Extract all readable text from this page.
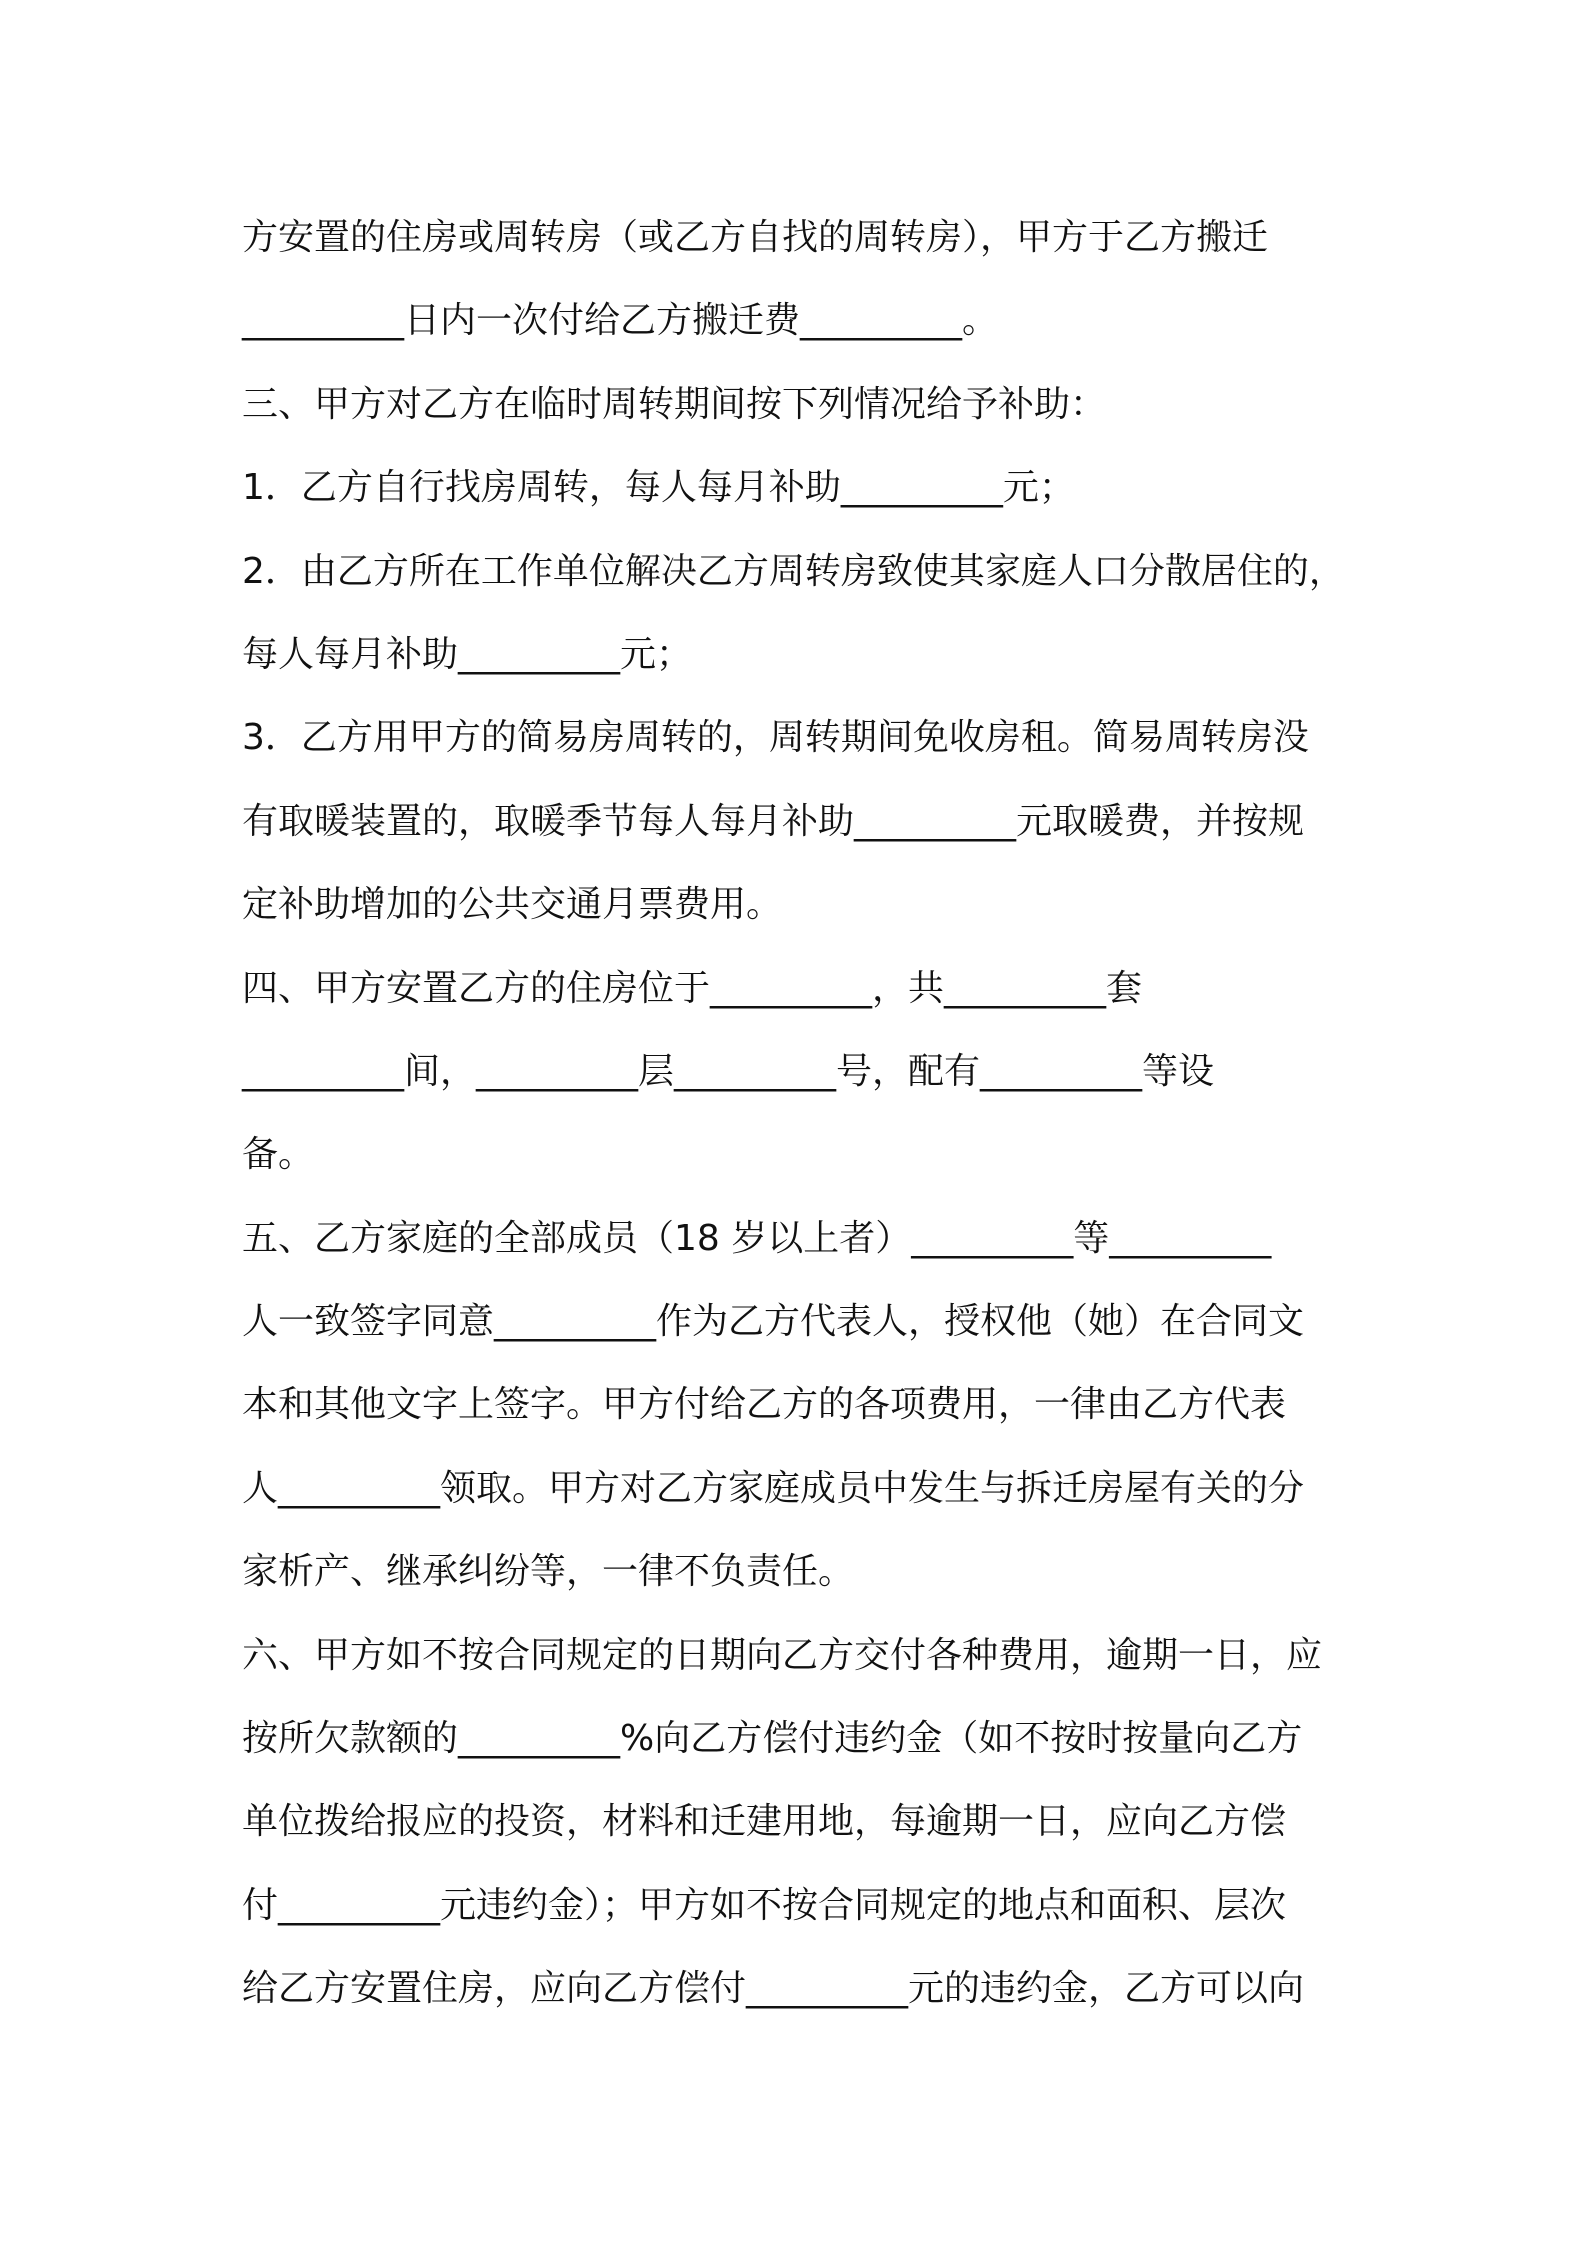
方安置的住房或周转房（或乙方自找的周转房），甲方于乙方搬迁
_________日内一次付给乙方搬迁费_________。
三、甲方对乙方在临时周转期间按下列情况给予补助：
1．乙方自行找房周转，每人每月补助_________元；
2．由乙方所在工作单位解决乙方周转房致使其家庭人口分散居住的，
每人每月补助_________元；
3．乙方用甲方的简易房周转的，周转期间免收房租。简易周转房没
有取暖装置的，取暖季节每人每月补助_________元取暖费，并按规
定补助增加的公共交通月票费用。
四、甲方安置乙方的住房位于_________，共_________套
_________间，_________层_________号，配有_________等设
备。
五、乙方家庭的全部成员（18 岁以上者）_________等_________
人一致签字同意_________作为乙方代表人，授权他（她）在合同文
本和其他文字上签字。甲方付给乙方的各项费用，一律由乙方代表
人_________领取。甲方对乙方家庭成员中发生与拆迁房屋有关的分
家析产、继承纠纷等，一律不负责任。
六、甲方如不按合同规定的日期向乙方交付各种费用，逾期一日，应
按所欠款额的_________%向乙方偿付违约金（如不按时按量向乙方
单位拨给报应的投资，材料和迁建用地，每逾期一日，应向乙方偿
付_________元违约金）；甲方如不按合同规定的地点和面积、层次
给乙方安置住房，应向乙方偿付_________元的违约金，乙方可以向
